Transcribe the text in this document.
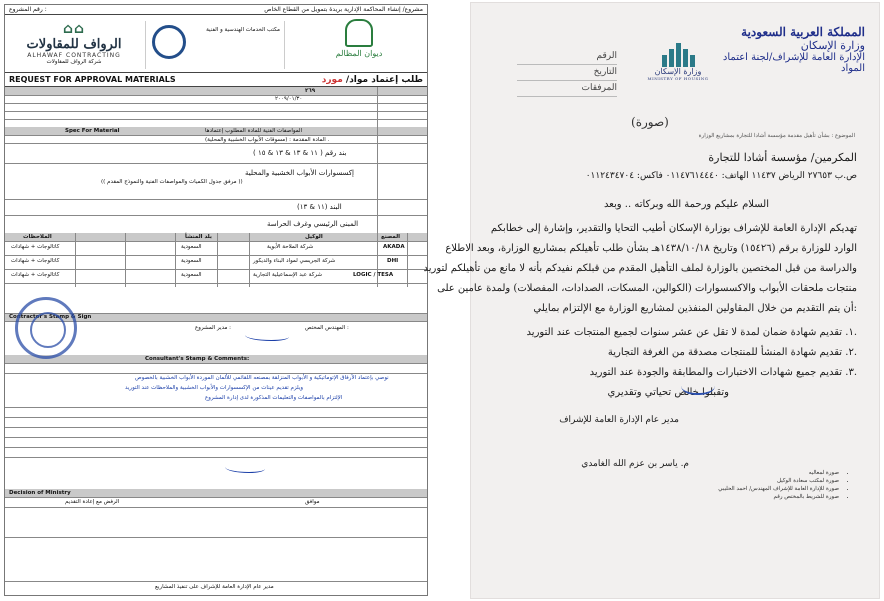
رقم المشروع :	مشروع/ إنشاء المحاكمة الإدارية بريدة بتمويل من القطاع الخاص
⌂⌂
الرواف للمقاولات
ALHAWAF CONTRACTING
شركة الرواف للمقاولات
مكتب الخدمات الهندسية و الفنية
ديوان المظالم
REQUEST FOR APPROVAL MATERIALS	طلب إعتماد مواد/ مورد
٢٦٩
٢٠٠٩/٠١/٣٠
Spec For Material	المواصفات الفنية للمادة المطلوب إعتمادها
المادة المقدمة : (مسوقات الأبواب الخشبية والمحلية) .
بند رقم ( ١١ & ١٣ & ١٣ & ١٥ )
إكسسوارات الأبواب الخشبية والمحلية
(( مرفق جدول الكميات والمواصفات الفنية والنموذج المقدم ))
البند (١١ & ١٣)
المبنى الرئيسي وغرف الحراسة
الملاحظات	بلد المنشأ	الوكيل	المصنع
كاتالوجات + شهادات	السعودية	شركة الملاحة الأبوية	AKADA
كاتالوجات + شهادات	السعودية	شركة الجريسي لمواد البناء والديكور	DHI
كاتالوجات + شهادات	السعودية	شركة عبد الإسماعيلية التجارية	LOGIC / TESA
Contractor's Stamp & Sign
المهندس المختص :
مدير المشروع :
Consultant's Stamp & Comments:
نوصي بإعتماد الآرفاق الإتوماتيكية و الأبواب المنزلقة بمصنعه اللقائمي للألمان الموردة الأبواب الخشبية بالخصوص
ويلزم تقديم عينات من الإكسسوارات والأبواب الخشبية والملاحظات عند التوريد
الإلتزام بالمواصفات والتعليمات المذكورة لدى إدارة المشروع
Decision of Ministry
موافق
الرفض مع إعادة التقديم
مدير عام الإدارة العامة للإشراف على تنفيذ المشاريع
المملكة العربية السعودية
وزارة الإسكان
الإدارة العامة للإشراف/لجنة اعتماد المواد
وزارة الإسكان
MINISTRY OF HOUSING
الرقم
التاريخ
المرفقات
(صورة)
الموضوع : بشأن تأهيل مقدمة مؤسسة أشادا للتجارة بمشاريع الوزارة
المكرمين/ مؤسسة أشادا للتجارة
ص.ب ٢٧٦٥٣ الرياض ١١٤٣٧ الهاتف: ٠١١٤٧٦١٤٤٤٠ فاكس: ٠١١٢٤٣٤٧٠٤
السلام عليكم ورحمة الله وبركاته .. وبعد
تهديكم الإدارة العامة للإشراف بوزارة الإسكان أطيب التحايا والتقدير، وإشارة إلى خطابكم
الوارد للوزارة برقم (١٥٤٢٦) وتاريخ ١٤٣٨/١٠/١٨هـ بشأن طلب تأهيلكم بمشاريع الوزارة، وبعد الاطلاع
والدراسة من قبل المختصين بالوزارة لملف التأهيل المقدم من قبلكم نفيدكم بأنه لا مانع من تأهيلكم لتوريد
منتجات ملحقات الأبواب والاكسسوارات (الكوالين، المسكات، الصدادات، المفصلات) ولمدة عامين على
أن يتم التقديم من خلال المقاولين المنفذين لمشاريع الوزارة مع الإلتزام بمايلي:
١. تقديم شهادة ضمان لمدة لا تقل عن عشر سنوات لجميع المنتجات عند التوريد.
٢. تقديم شهادة المنشأ للمنتجات مصدقة من الغرفة التجارية.
٣. تقديم جميع شهادات الاختبارات والمطابقة والجودة عند التوريد.
وتقبلوا خالص تحياتي وتقديري
مدير عام الإدارة العامة للإشراف
م. ياسر بن عزم الله الغامدي
• صورة لمعاليه
• صورة لمكتب سعادة الوكيل
• صورة للإدارة العامة للإشراف المهندس/ احمد الحليبي
• صورة للشريط بالمختص رقم
